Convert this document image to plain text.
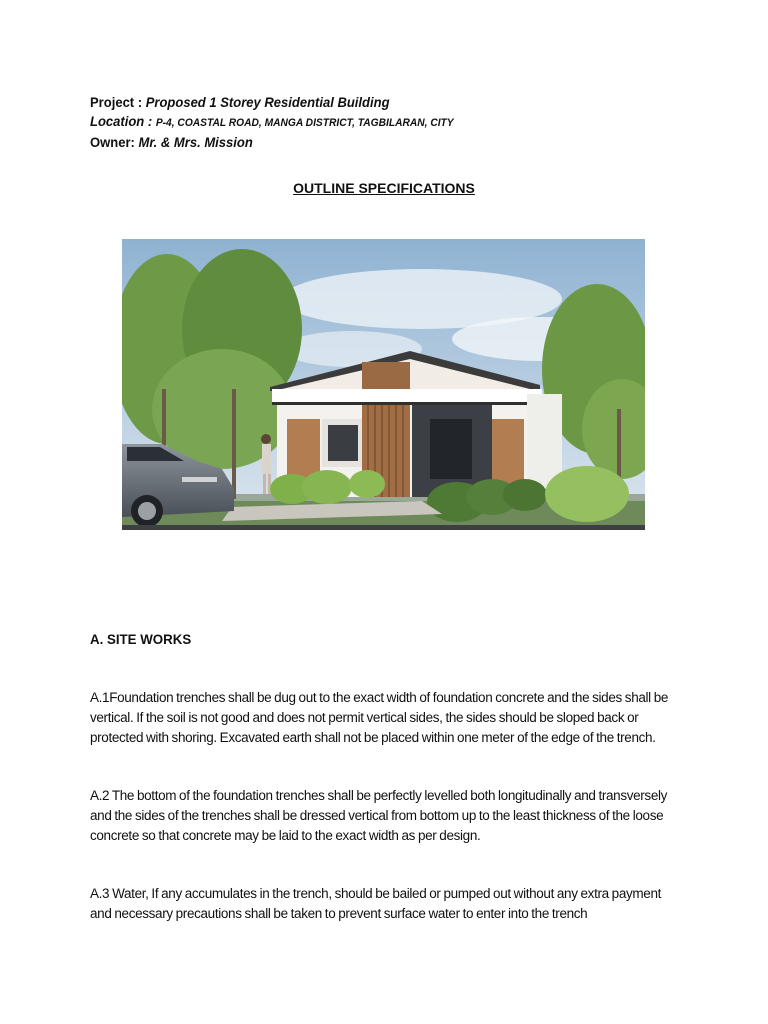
Project : Proposed 1 Storey Residential Building
Location : P-4, COASTAL ROAD, MANGA DISTRICT, TAGBILARAN, CITY
Owner: Mr. & Mrs. Mission
OUTLINE SPECIFICATIONS
A. SITE WORKS

A.1Foundation trenches shall be dug out to the exact width of foundation concrete and the sides shall be vertical. If the soil is not good and does not permit vertical sides, the sides should be sloped back or protected with shoring. Excavated earth shall not be placed within one meter of the edge of the trench.

A.2 The bottom of the foundation trenches shall be perfectly levelled both longitudinally and transversely and the sides of the trenches shall be dressed vertical from bottom up to the least thickness of the loose concrete so that concrete may be laid to the exact width as per design.

A.3 Water, If any accumulates in the trench, should be bailed or pumped out without any extra payment and necessary precautions shall be taken to prevent surface water to enter into the trench
